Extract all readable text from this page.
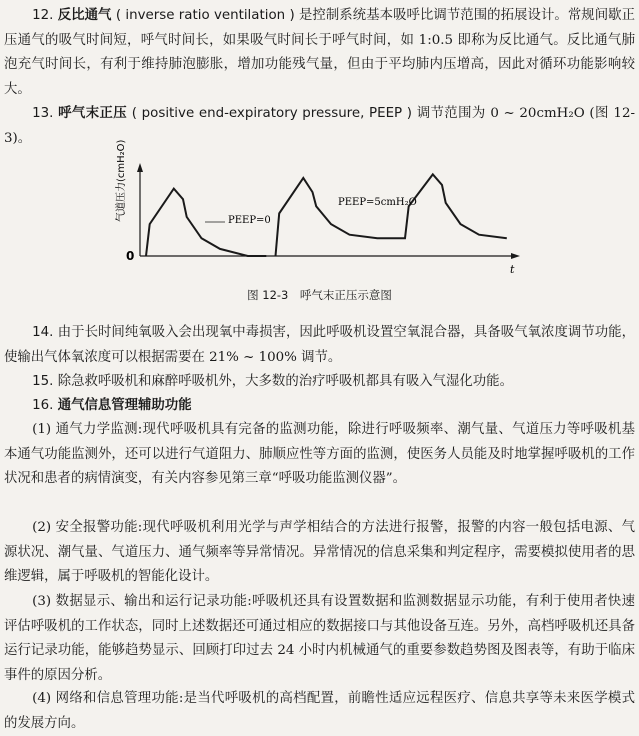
12. 反比通气 ( inverse ratio ventilation ) 是控制系统基本吸呼比调节范围的拓展设计。常规间歇正压通气的吸气时间短，呼气时间长，如果吸气时间长于呼气时间，如 1:0.5 即称为反比通气。反比通气肺泡充气时间长，有利于维持肺泡膨胀，增加功能残气量，但由于平均肺内压增高，因此对循环功能影响较大。

13. 呼气末正压 ( positive end-expiratory pressure, PEEP ) 调节范围为 0 ~ 20cmH₂O (图 12-3)。

0
t
气道压力(cmH₂O)	PEEP=0
PEEP=5cmH₂O
图 12-3　呼气末正压示意图

14. 由于长时间纯氧吸入会出现氧中毒损害，因此呼吸机设置空氧混合器，具备吸气氧浓度调节功能，使输出气体氧浓度可以根据需要在 21% ~ 100% 调节。

15. 除急救呼吸机和麻醉呼吸机外，大多数的治疗呼吸机都具有吸入气湿化功能。

16. 通气信息管理辅助功能

(1) 通气力学监测:现代呼吸机具有完备的监测功能，除进行呼吸频率、潮气量、气道压力等呼吸机基本通气功能监测外，还可以进行气道阻力、肺顺应性等方面的监测，使医务人员能及时地掌握呼吸机的工作状况和患者的病情演变，有关内容参见第三章“呼吸功能监测仪器”。

(2) 安全报警功能:现代呼吸机利用光学与声学相结合的方法进行报警，报警的内容一般包括电源、气源状况、潮气量、气道压力、通气频率等异常情况。异常情况的信息采集和判定程序，需要模拟使用者的思维逻辑，属于呼吸机的智能化设计。

(3) 数据显示、输出和运行记录功能:呼吸机还具有设置数据和监测数据显示功能，有利于使用者快速评估呼吸机的工作状态，同时上述数据还可通过相应的数据接口与其他设备互连。另外，高档呼吸机还具备运行记录功能，能够趋势显示、回顾打印过去 24 小时内机械通气的重要参数趋势图及图表等，有助于临床事件的原因分析。

(4) 网络和信息管理功能:是当代呼吸机的高档配置，前瞻性适应远程医疗、信息共享等未来医学模式的发展方向。
